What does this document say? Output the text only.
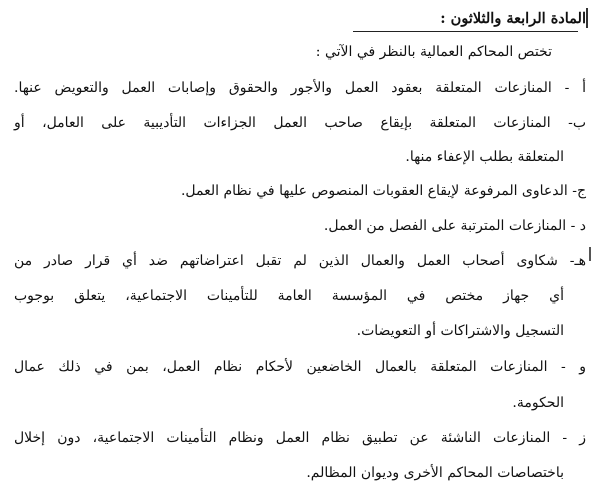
المادة الرابعة والثلاثون :
تختص المحاكم العمالية بالنظر في الآتي :
أ - المنازعات المتعلقة بعقود العمل والأجور والحقوق وإصابات العمل والتعويض عنها.
ب- المنازعات المتعلقة بإيقاع صاحب العمل الجزاءات التأديبية على العامل، أو
المتعلقة بطلب الإعفاء منها.
ج- الدعاوى المرفوعة لإيقاع العقوبات المنصوص عليها في نظام العمل.
د - المنازعات المترتبة على الفصل من العمل.
هـ- شكاوى أصحاب العمل والعمال الذين لم تقبل اعتراضاتهم ضد أي قرار صادر من
أي جهاز مختص في المؤسسة العامة للتأمينات الاجتماعية، يتعلق بوجوب
التسجيل والاشتراكات أو التعويضات.
و - المنازعات المتعلقة بالعمال الخاضعين لأحكام نظام العمل، بمن في ذلك عمال
الحكومة.
ز - المنازعات الناشئة عن تطبيق نظام العمل ونظام التأمينات الاجتماعية، دون إخلال
باختصاصات المحاكم الأخرى وديوان المظالم.
